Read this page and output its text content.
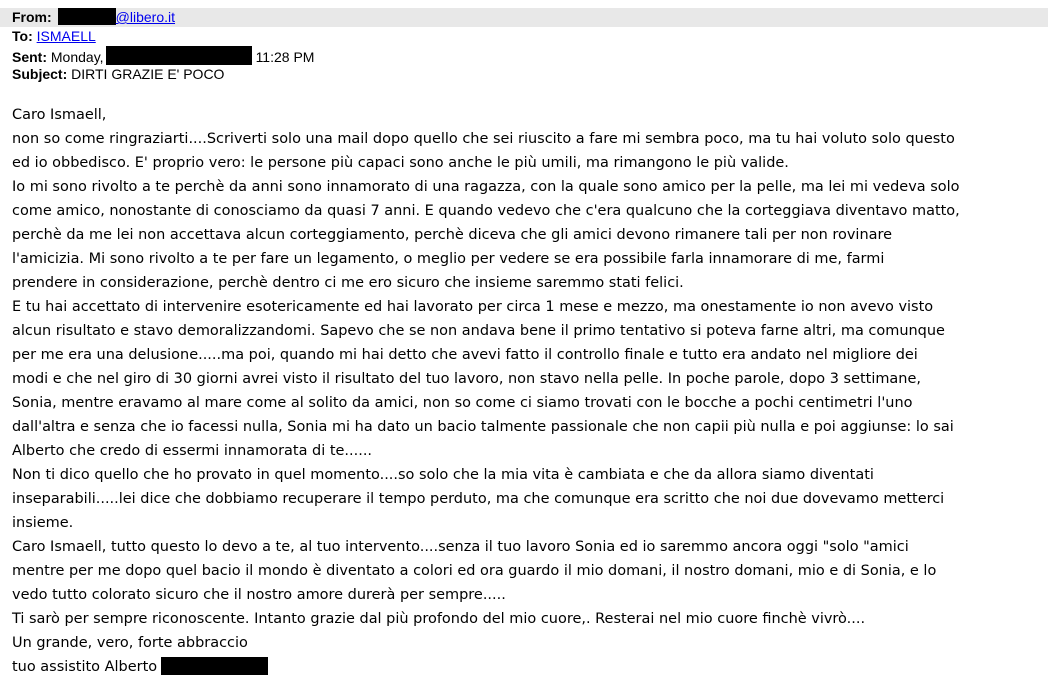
From:	@libero.it
To: ISMAELL
Sent: Monday,	11:28 PM
Subject: DIRTI GRAZIE E' POCO
Caro Ismaell,
non so come ringraziarti....Scriverti solo una mail dopo quello che sei riuscito a fare mi sembra poco, ma tu hai voluto solo questo
ed io obbedisco. E' proprio vero: le persone più capaci sono anche le più umili, ma rimangono le più valide.
Io mi sono rivolto a te perchè da anni sono innamorato di una ragazza, con la quale sono amico per la pelle, ma lei mi vedeva solo
come amico, nonostante di conosciamo da quasi 7 anni. E quando vedevo che c'era qualcuno che la corteggiava diventavo matto,
perchè da me lei non accettava alcun corteggiamento, perchè diceva che gli amici devono rimanere tali per non rovinare
l'amicizia. Mi sono rivolto a te per fare un legamento, o meglio per vedere se era possibile farla innamorare di me, farmi
prendere in considerazione, perchè dentro ci me ero sicuro che insieme saremmo stati felici.
E tu hai accettato di intervenire esotericamente ed hai lavorato per circa 1 mese e mezzo, ma onestamente io non avevo visto
alcun risultato e stavo demoralizzandomi. Sapevo che se non andava bene il primo tentativo si poteva farne altri, ma comunque
per me era una delusione.....ma poi, quando mi hai detto che avevi fatto il controllo finale e tutto era andato nel migliore dei
modi e che nel giro di 30 giorni avrei visto il risultato del tuo lavoro, non stavo nella pelle. In poche parole, dopo 3 settimane,
Sonia, mentre eravamo al mare come al solito da amici, non so come ci siamo trovati con le bocche a pochi centimetri l'uno
dall'altra e senza che io facessi nulla, Sonia mi ha dato un bacio talmente passionale che non capii più nulla e poi aggiunse: lo sai
Alberto che credo di essermi innamorata di te......
Non ti dico quello che ho provato in quel momento....so solo che la mia vita è cambiata e che da allora siamo diventati
inseparabili.....lei dice che dobbiamo recuperare il tempo perduto, ma che comunque era scritto che noi due dovevamo metterci
insieme.
Caro Ismaell, tutto questo lo devo a te, al tuo intervento....senza il tuo lavoro Sonia ed io saremmo ancora oggi "solo "amici
mentre per me dopo quel bacio il mondo è diventato a colori ed ora guardo il mio domani, il nostro domani, mio e di Sonia, e lo
vedo tutto colorato sicuro che il nostro amore durerà per sempre.....
Ti sarò per sempre riconoscente. Intanto grazie dal più profondo del mio cuore,. Resterai nel mio cuore finchè vivrò....
Un grande, vero, forte abbraccio
tuo assistito Alberto
